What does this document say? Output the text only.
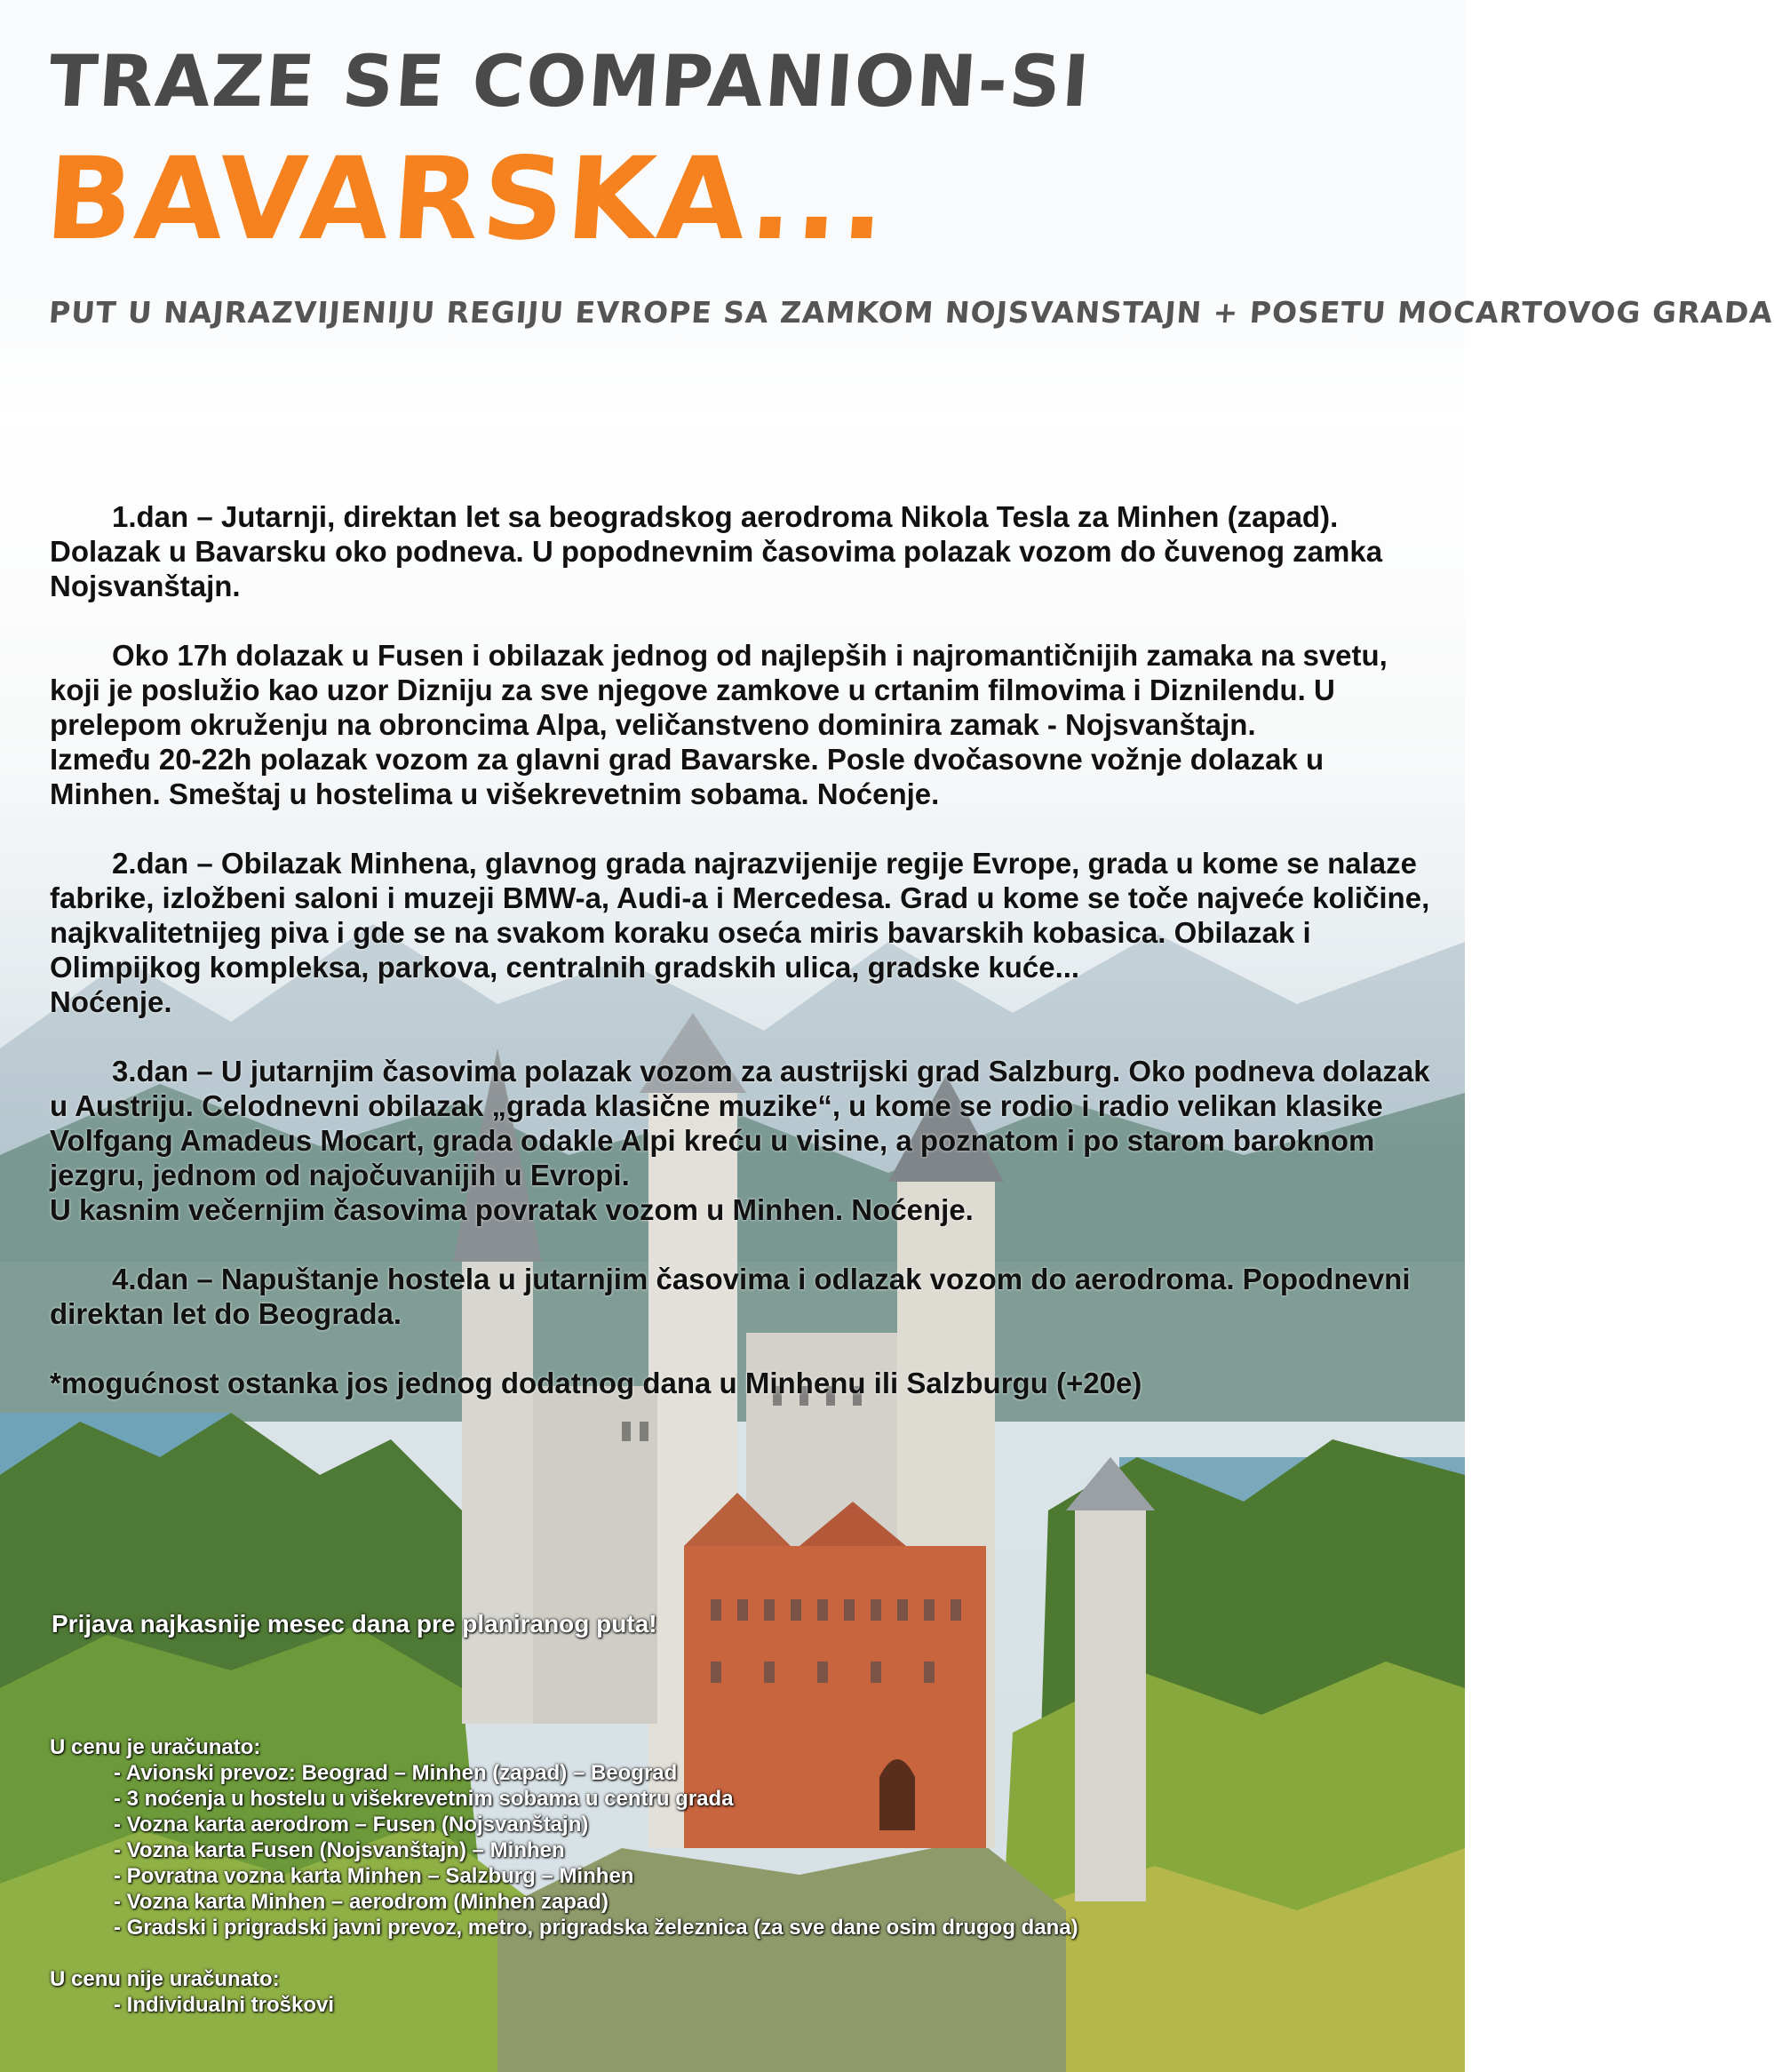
TRAZE SE COMPANION-SI
BAVARSKA...
PUT U NAJRAZVIJENIJU REGIJU EVROPE SA ZAMKOM NOJSVANSTAJN + POSETU MOCARTOVOG GRADA

1.dan – Jutarnji, direktan let sa beogradskog aerodroma Nikola Tesla za Minhen (zapad). Dolazak u Bavarsku oko podneva. U popodnevnim časovima polazak vozom do čuvenog zamka Nojsvanštajn.

Oko 17h dolazak u Fusen i obilazak jednog od najlepših i najromantičnijih zamaka na svetu, koji je poslužio kao uzor Dizniju za sve njegove zamkove u crtanim filmovima i Diznilendu. U prelepom okruženju na obroncima Alpa, veličanstveno dominira zamak - Nojsvanštajn.
Između 20-22h polazak vozom za glavni grad Bavarske. Posle dvočasovne vožnje dolazak u Minhen. Smeštaj u hostelima u višekrevetnim sobama. Noćenje.

2.dan – Obilazak Minhena, glavnog grada najrazvijenije regije Evrope, grada u kome se nalaze fabrike, izložbeni saloni i muzeji BMW-a, Audi-a i Mercedesa. Grad u kome se toče najveće količine, najkvalitetnijeg piva i gde se na svakom koraku oseća miris bavarskih kobasica. Obilazak i Olimpijkog kompleksa, parkova, centralnih gradskih ulica, gradske kuće...
Noćenje.

3.dan – U jutarnjim časovima polazak vozom za austrijski grad Salzburg. Oko podneva dolazak u Austriju. Celodnevni obilazak „grada klasične muzike“, u kome se rodio i radio velikan klasike Volfgang Amadeus Mocart, grada odakle Alpi kreću u visine, a poznatom i po starom baroknom jezgru, jednom od najočuvanijih u Evropi.
U kasnim večernjim časovima povratak vozom u Minhen. Noćenje.

4.dan – Napuštanje hostela u jutarnjim časovima i odlazak vozom do aerodroma. Popodnevni direktan let do Beograda.

*mogućnost ostanka jos jednog dodatnog dana u Minhenu ili Salzburgu (+20e)

Prijava najkasnije mesec dana pre planiranog puta!
U cenu je uračunato:
- Avionski prevoz: Beograd – Minhen (zapad) – Beograd
- 3 noćenja u hostelu u višekrevetnim sobama u centru grada
- Vozna karta aerodrom – Fusen (Nojsvanštajn)
- Vozna karta Fusen (Nojsvanštajn) – Minhen
- Povratna vozna karta Minhen – Salzburg – Minhen
- Vozna karta Minhen – aerodrom (Minhen zapad)
- Gradski i prigradski javni prevoz, metro, prigradska železnica (za sve dane osim drugog dana)
U cenu nije uračunato:
- Individualni troškovi
